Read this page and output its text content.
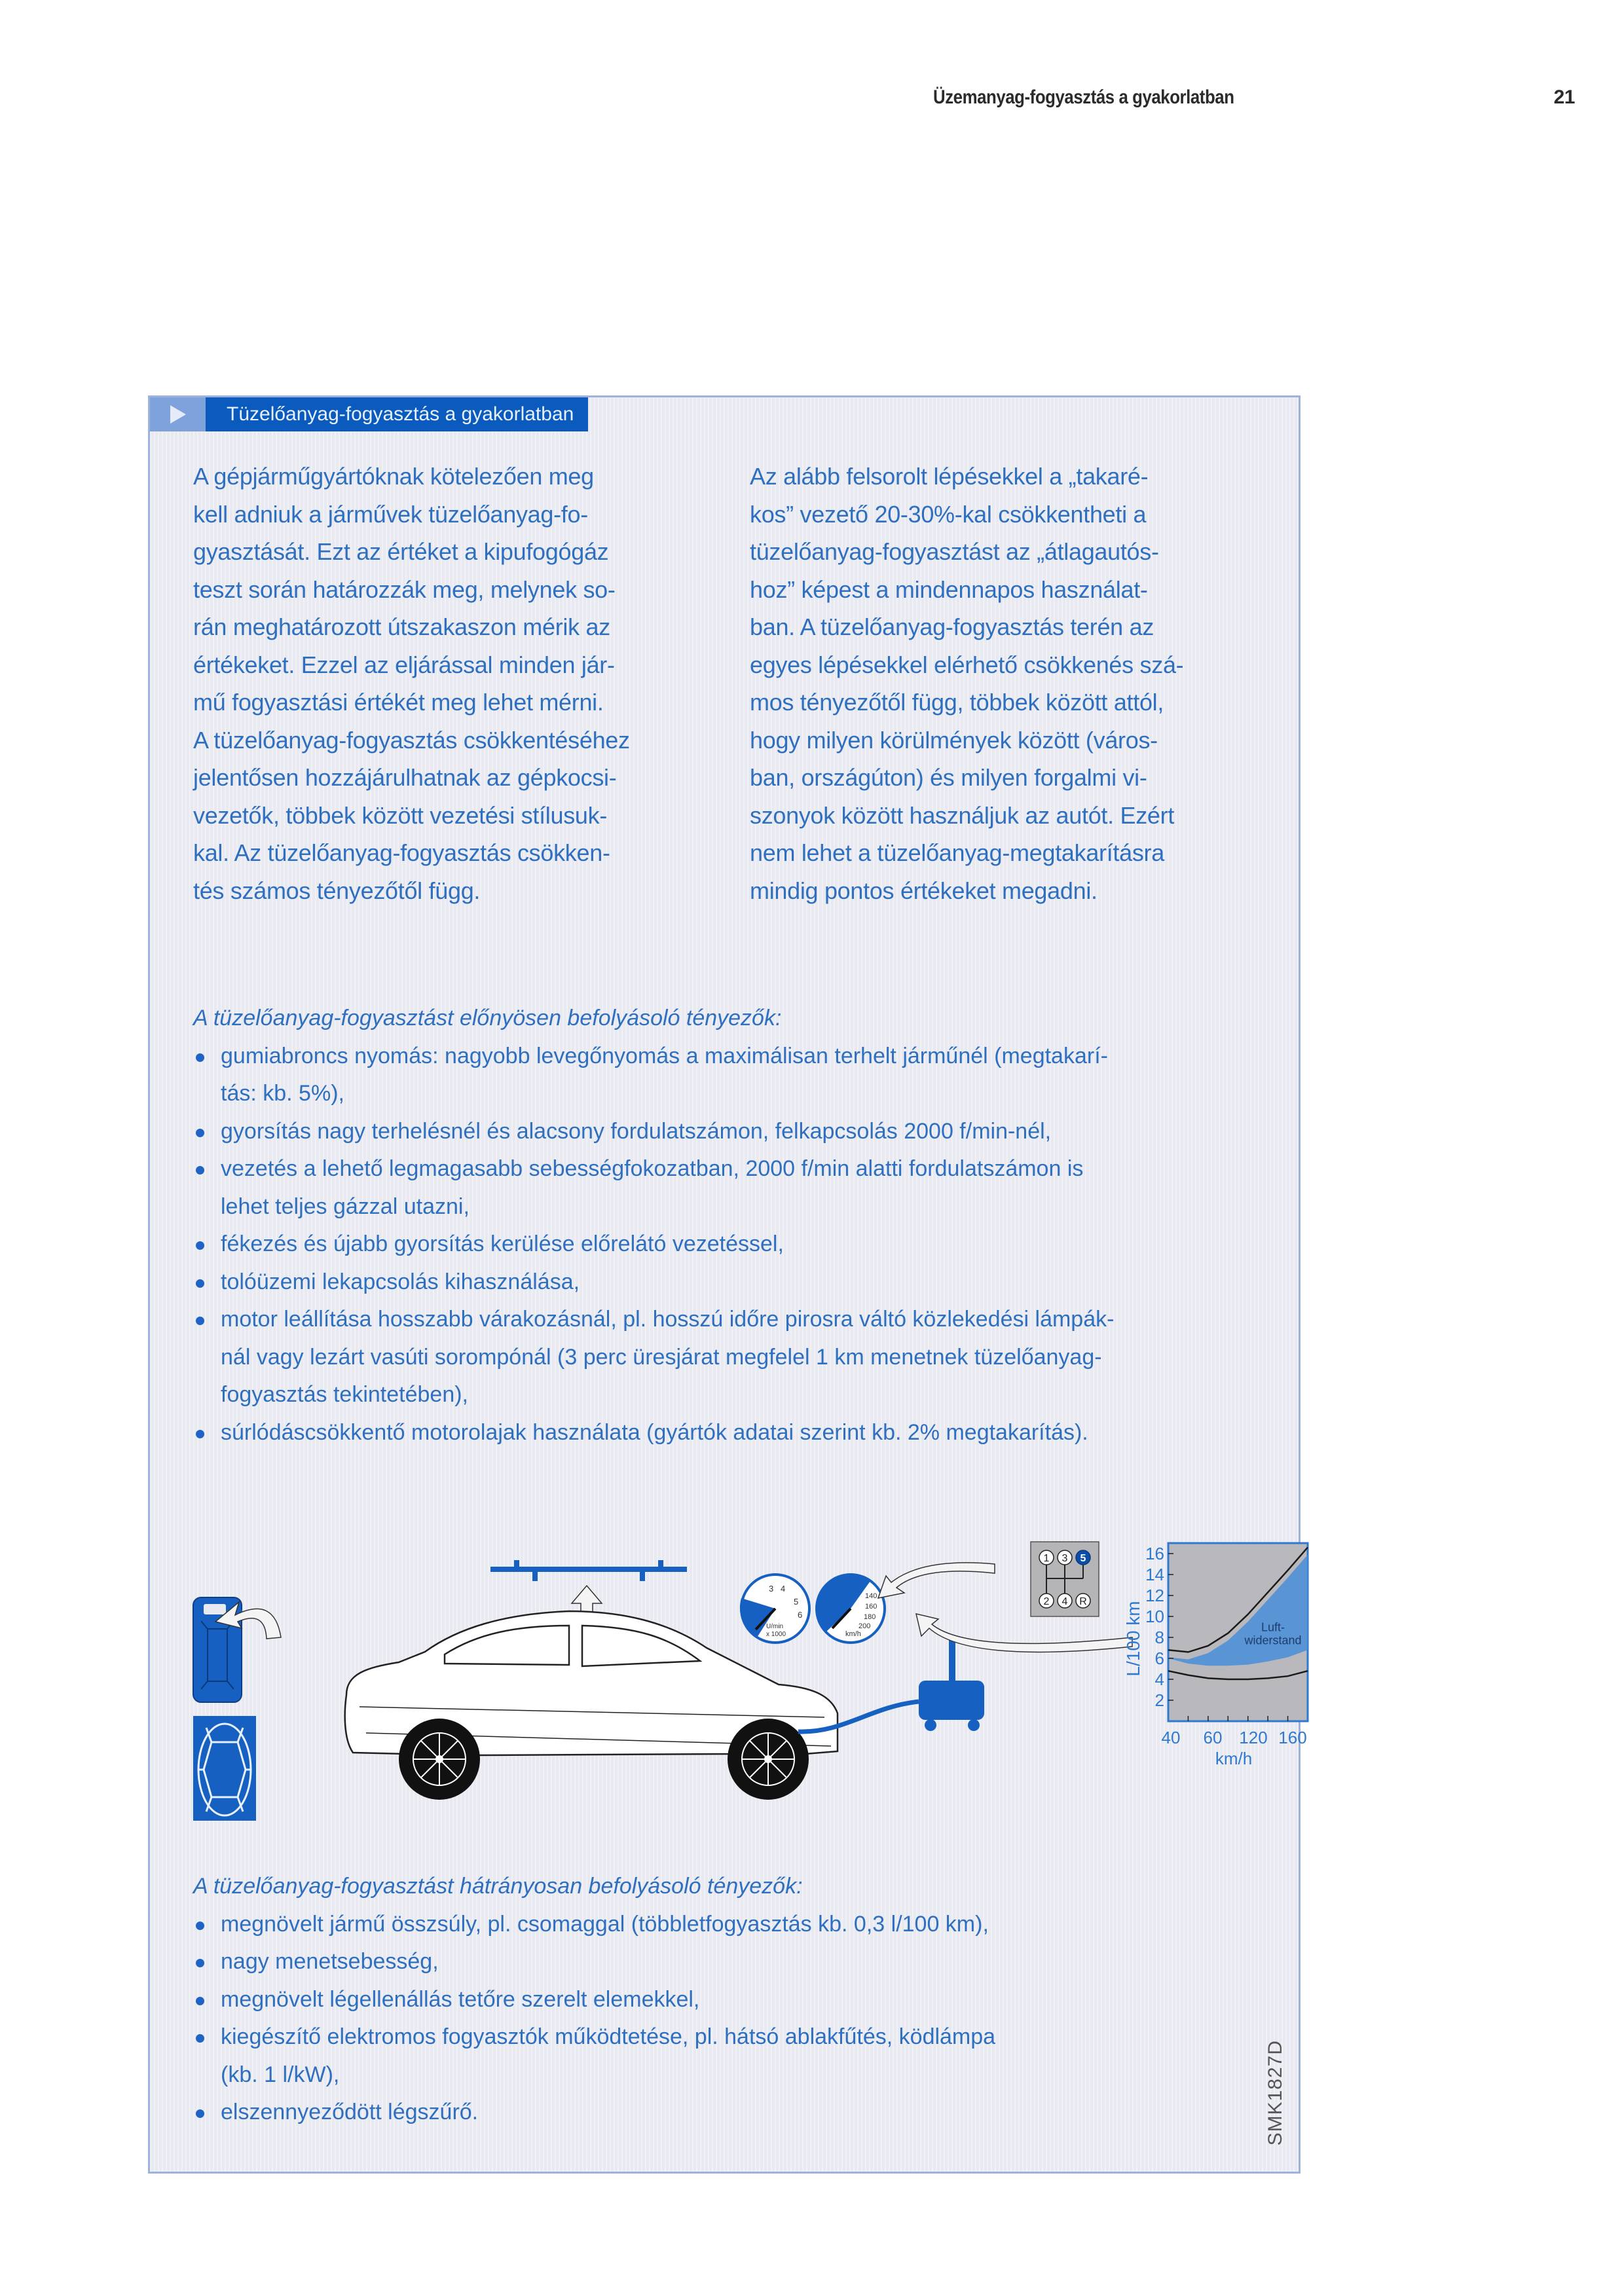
Üzemanyag-fogyasztás a gyakorlatban	21
Tüzelőanyag-fogyasztás a gyakorlatban
A gépjárműgyártóknak kötelezően meg
kell adniuk a járművek tüzelőanyag-fo-
gyasztását. Ezt az értéket a kipufogógáz
teszt során határozzák meg, melynek so-
rán meghatározott útszakaszon mérik az
értékeket. Ezzel az eljárással minden jár-
mű fogyasztási értékét meg lehet mérni.
A tüzelőanyag-fogyasztás csökkentéséhez
jelentősen hozzájárulhatnak az gépkocsi-
vezetők, többek között vezetési stílusuk-
kal. Az tüzelőanyag-fogyasztás csökken-
tés számos tényezőtől függ.
Az alább felsorolt lépésekkel a „takaré-
kos” vezető 20-30%-kal csökkentheti a
tüzelőanyag-fogyasztást az „átlagautós-
hoz” képest a mindennapos használat-
ban. A tüzelőanyag-fogyasztás terén az
egyes lépésekkel elérhető csökkenés szá-
mos tényezőtől függ, többek között attól,
hogy milyen körülmények között (város-
ban, országúton) és milyen forgalmi vi-
szonyok között használjuk az autót. Ezért
nem lehet a tüzelőanyag-megtakarításra
mindig pontos értékeket megadni.
A tüzelőanyag-fogyasztást előnyösen befolyásoló tényezők:
gumiabroncs nyomás: nagyobb levegőnyomás a maximálisan terhelt járműnél (megtakarí-
tás: kb. 5%),
gyorsítás nagy terhelésnél és alacsony fordulatszámon, felkapcsolás 2000 f/min-nél,
vezetés a lehető legmagasabb sebességfokozatban, 2000 f/min alatti fordulatszámon is
lehet teljes gázzal utazni,
fékezés és újabb gyorsítás kerülése előrelátó vezetéssel,
tolóüzemi lekapcsolás kihasználása,
motor leállítása hosszabb várakozásnál, pl. hosszú időre pirosra váltó közlekedési lámpák-
nál vagy lezárt vasúti sorompónál (3 perc üresjárat megfelel 1 km menetnek tüzelőanyag-
fogyasztás tekintetében),
súrlódáscsökkentő motorolajak használata (gyártók adatai szerint kb. 2% megtakarítás).
3 4
5
6
U/min
x 1000
140
160
180
200
km/h
1 3 5
2 4 R
2
4
6
8
10
12
14
16
40 60 120 160
km/h
L/100 km	Luft-
widerstand
A tüzelőanyag-fogyasztást hátrányosan befolyásoló tényezők:
megnövelt jármű összsúly, pl. csomaggal (többletfogyasztás kb. 0,3 l/100 km),
nagy menetsebesség,
megnövelt légellenállás tetőre szerelt elemekkel,
kiegészítő elektromos fogyasztók működtetése, pl. hátsó ablakfűtés, ködlámpa
(kb. 1 l/kW),
elszennyeződött légszűrő.	SMK1827D
